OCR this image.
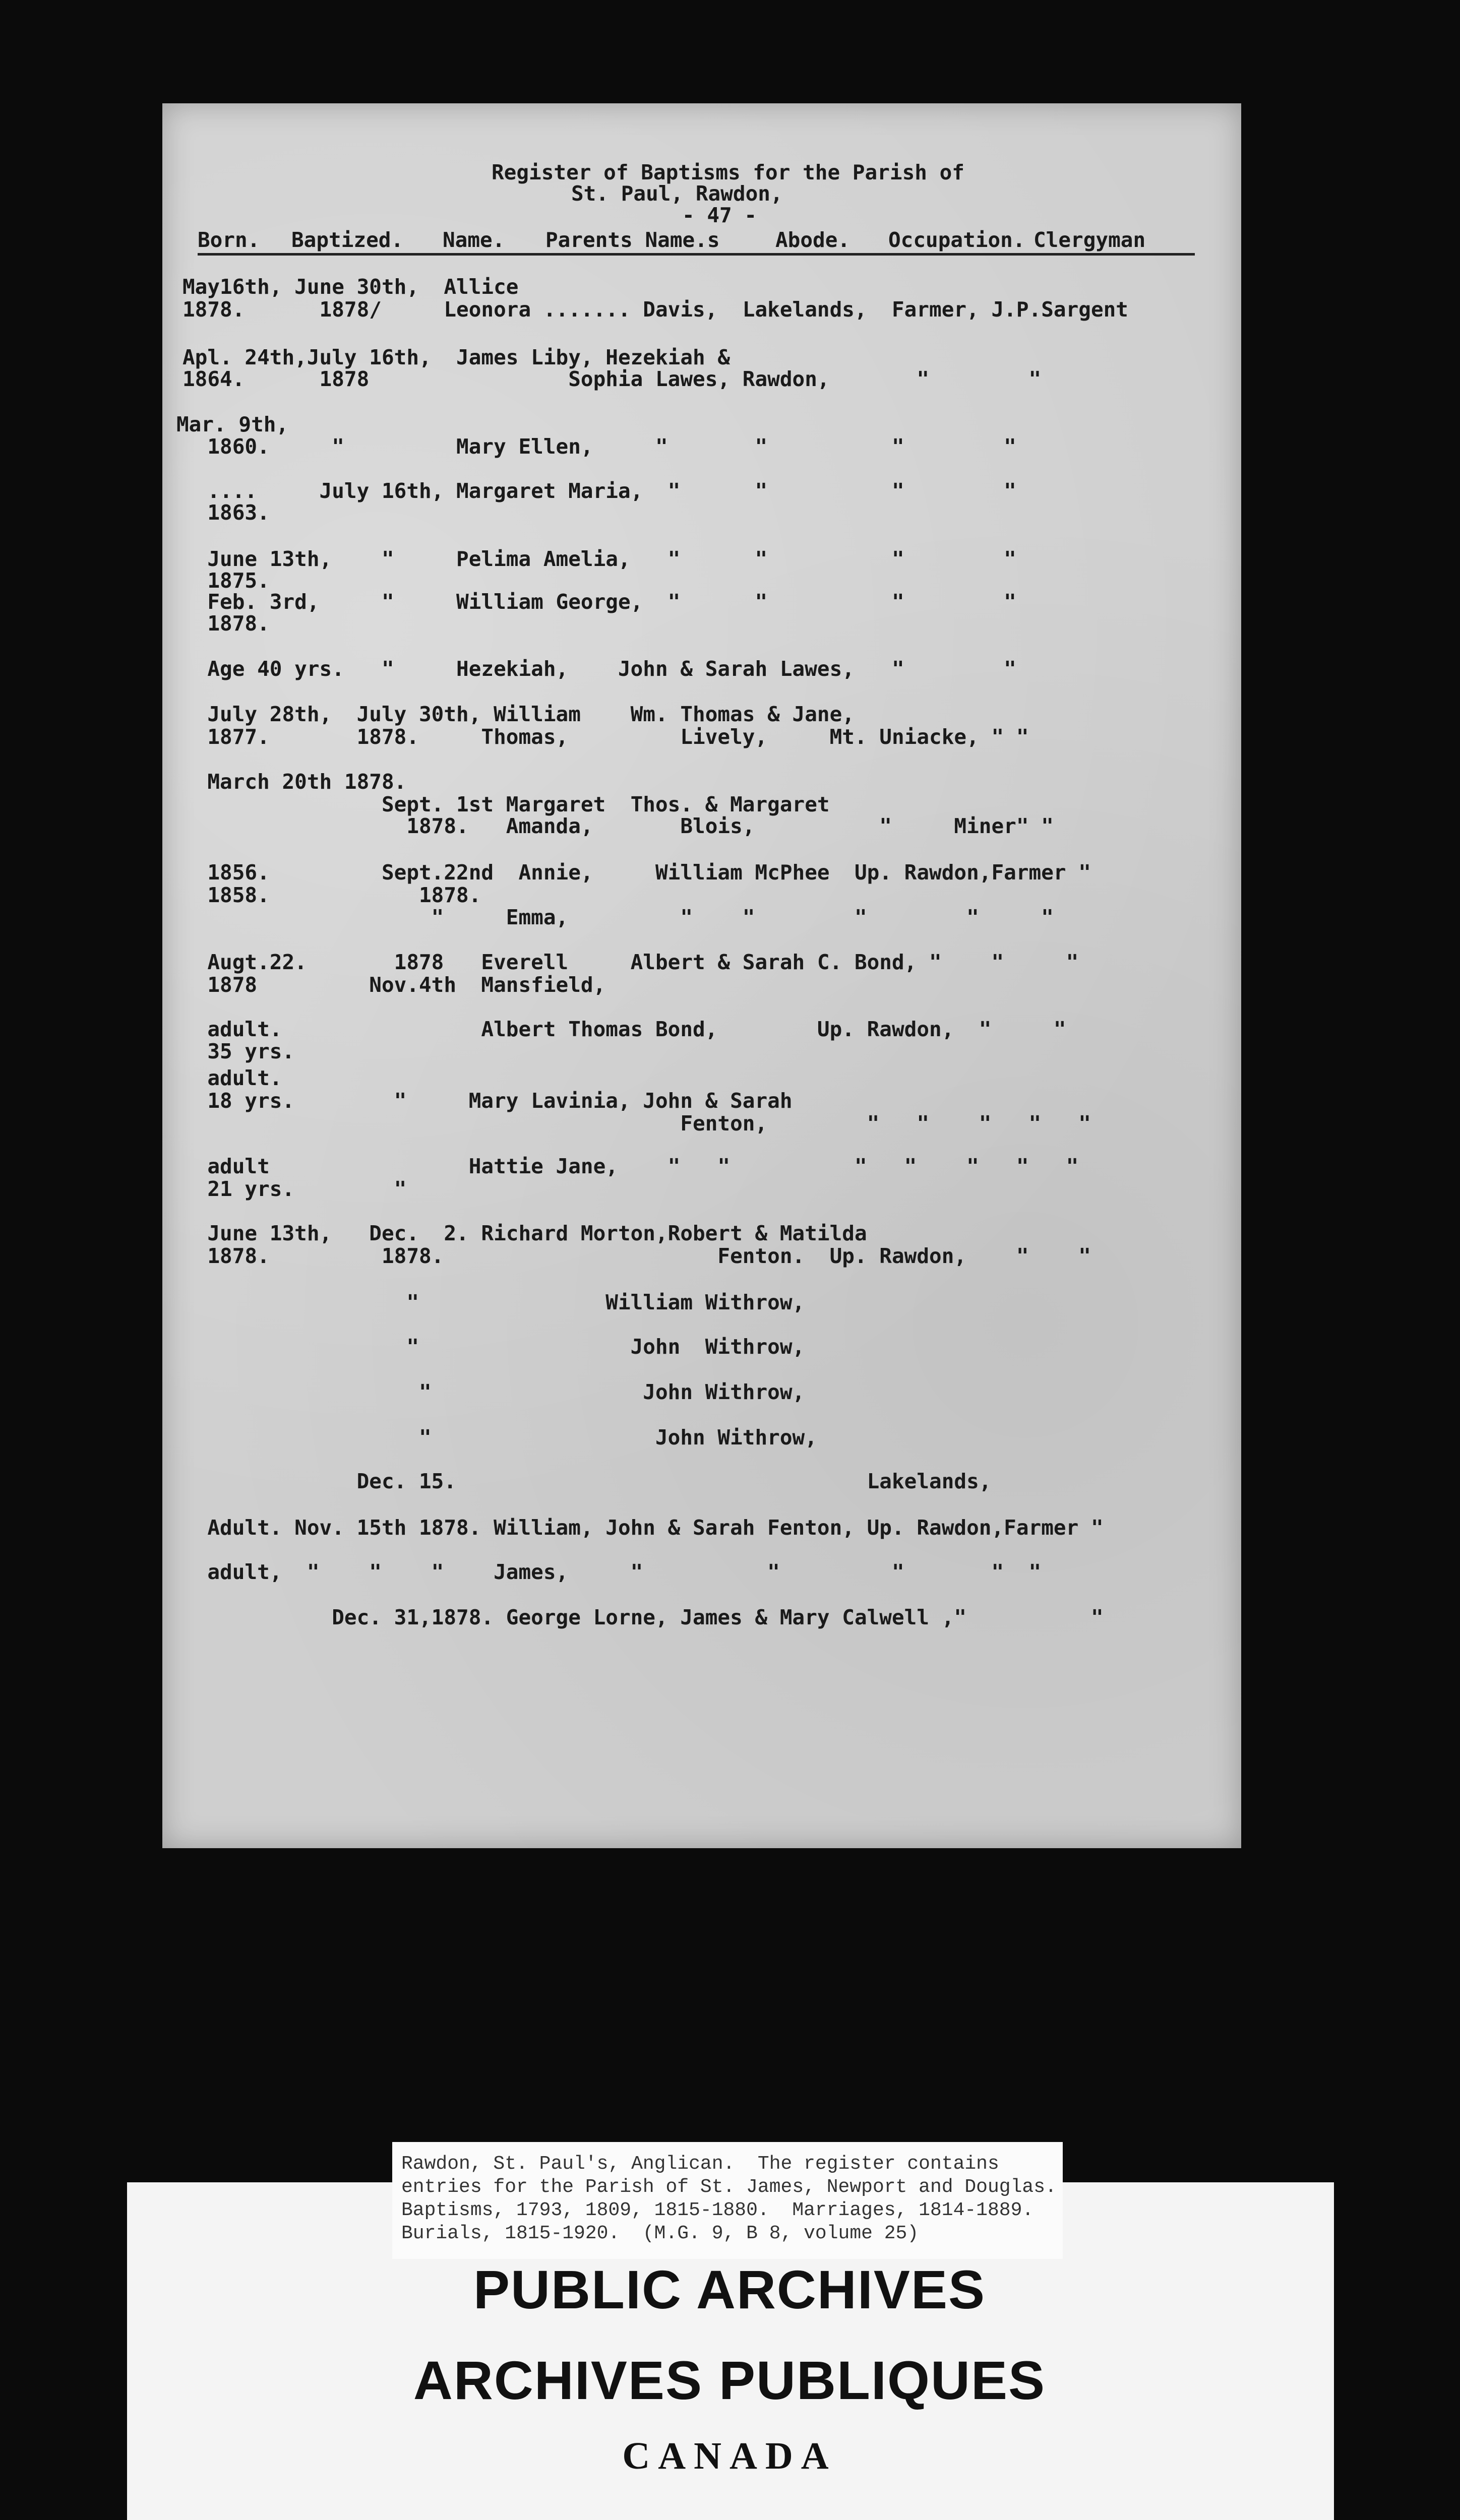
Register of Baptisms for the Parish of
St. Paul, Rawdon,
- 47 -
Born. Baptized. Name. Parents Name.s	Abode. Occupation. Clergyman
May16th, June 30th,  Allice
1878.      1878/     Leonora ....... Davis,  Lakelands,  Farmer, J.P.Sargent
Apl. 24th,July 16th,  James Liby, Hezekiah &
1864.      1878                Sophia Lawes, Rawdon,       "        "
Mar. 9th,
1860.     "         Mary Ellen,     "       "          "        "
....     July 16th, Margaret Maria,  "      "          "        "
1863.
June 13th,    "     Pelima Amelia,   "      "          "        "
1875.
Feb. 3rd,     "     William George,  "      "          "        "
1878.
Age 40 yrs.   "     Hezekiah,    John & Sarah Lawes,   "        "
July 28th,  July 30th, William    Wm. Thomas & Jane,
1877.       1878.     Thomas,         Lively,     Mt. Uniacke, " "
March 20th 1878.
Sept. 1st Margaret  Thos. & Margaret
1878.   Amanda,       Blois,          "     Miner" "
1856.         Sept.22nd  Annie,     William McPhee  Up. Rawdon,Farmer "
1858.            1878.
"     Emma,         "    "        "        "     "
Augt.22.       1878   Everell     Albert & Sarah C. Bond, "    "     "
1878         Nov.4th  Mansfield,
adult.                Albert Thomas Bond,        Up. Rawdon,  "     "
35 yrs.
adult.
18 yrs.        "     Mary Lavinia, John & Sarah
Fenton,        "   "    "   "   "
adult                Hattie Jane,    "   "          "   "    "   "   "
21 yrs.        "
June 13th,   Dec.  2. Richard Morton,Robert & Matilda
1878.         1878.                      Fenton.  Up. Rawdon,    "    "
"               William Withrow,
"                 John  Withrow,
"                 John Withrow,
"                  John Withrow,
Dec. 15.                                 Lakelands,
Adult. Nov. 15th 1878. William, John & Sarah Fenton, Up. Rawdon,Farmer "
adult,  "    "    "    James,     "          "         "       "  "
Dec. 31,1878. George Lorne, James & Mary Calwell ,"          "
Rawdon, St. Paul's, Anglican.  The register contains
entries for the Parish of St. James, Newport and Douglas.
Baptisms, 1793, 1809, 1815-1880.  Marriages, 1814-1889.
Burials, 1815-1920.  (M.G. 9, B 8, volume 25)
PUBLIC ARCHIVES
ARCHIVES PUBLIQUES
CANADA
